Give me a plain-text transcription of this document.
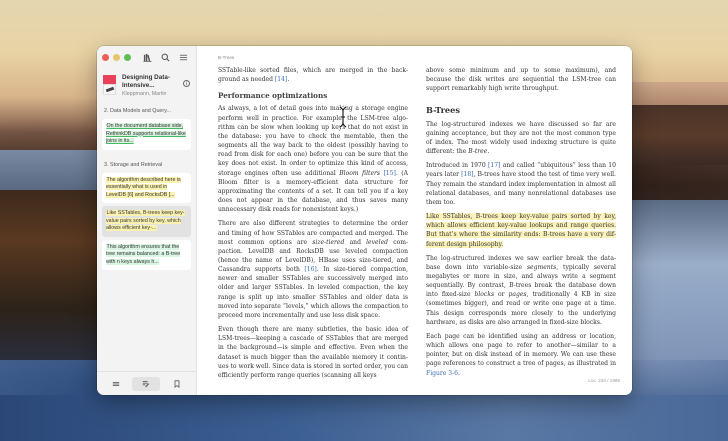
Designing Data-Intensive...
Kleppmann, Martin
i
2. Data Models and Query...
On the document database side, RethinkDB supports relational-like joins in its...
3. Storage and Retrieval
The algorithm described here is essentially what is used in LevelDB [6] and RocksDB [...
Like SSTables, B-trees keep key-value pairs sorted by key, which allows efficient key-...
This algorithm ensures that the tree remains balanced: a B-tree with n keys always h...
B-Trees

SSTable-like sorted files, which are merged in the back-ground as needed [14].

Performance optimizations

As always, a lot of detail goes into making a storage engine perform well in practice. For example, the LSM-tree algo-rithm can be slow when looking up keys that do not exist in the database: you have to check the memtable, then the segments all the way back to the oldest (possibly having to read from disk for each one) before you can be sure that the key does not exist. In order to optimize this kind of access, storage engines often use additional Bloom filters [15]. (A Bloom filter is a memory-efficient data structure for approximating the contents of a set. It can tell you if a key does not appear in the database, and thus saves many unnecessary disk reads for nonexistent keys.)

There are also different strategies to determine the order and timing of how SSTables are compacted and merged. The most common options are size-tiered and leveled com-paction. LevelDB and RocksDB use leveled compaction (hence the name of LevelDB), HBase uses size-tiered, and Cassandra supports both [16]. In size-tiered compaction, newer and smaller SSTables are successively merged into older and larger SSTables. In leveled compaction, the key range is split up into smaller SSTables and older data is moved into separate “levels,” which allows the compaction to proceed more incrementally and use less disk space.

Even though there are many subtleties, the basic idea of LSM-trees—keeping a cascade of SSTables that are merged in the background—is simple and effective. Even when the dataset is much bigger than the available memory it contin-ues to work well. Since data is stored in sorted order, you can efficiently perform range queries (scanning all keys

above some minimum and up to some maximum), and because the disk writes are sequential the LSM-tree can support remarkably high write throughput.

B-Trees

The log-structured indexes we have discussed so far are gaining acceptance, but they are not the most common type of index. The most widely used indexing structure is quite different: the B-tree.

Introduced in 1970 [17] and called “ubiquitous” less than 10 years later [18], B-trees have stood the test of time very well. They remain the standard index implementation in almost all relational databases, and many nonrelational databases use them too.

Like SSTables, B-trees keep key-value pairs sorted by key, which allows efficient key-value lookups and range queries. But that’s where the similarity ends: B-trees have a very dif-ferent design philosophy.

The log-structured indexes we saw earlier break the data-base down into variable-size segments, typically several megabytes or more in size, and always write a segment sequentially. By contrast, B-trees break the database down into fixed-size blocks or pages, traditionally 4 KB in size (sometimes bigger), and read or write one page at a time. This design corresponds more closely to the underlying hardware, as disks are also arranged in fixed-size blocks.

Each page can be identified using an address or location, which allows one page to refer to another—similar to a pointer, but on disk instead of in memory. We can use these page references to construct a tree of pages, as illustrated in Figure 3-6.

Loc. 234 / 1986
